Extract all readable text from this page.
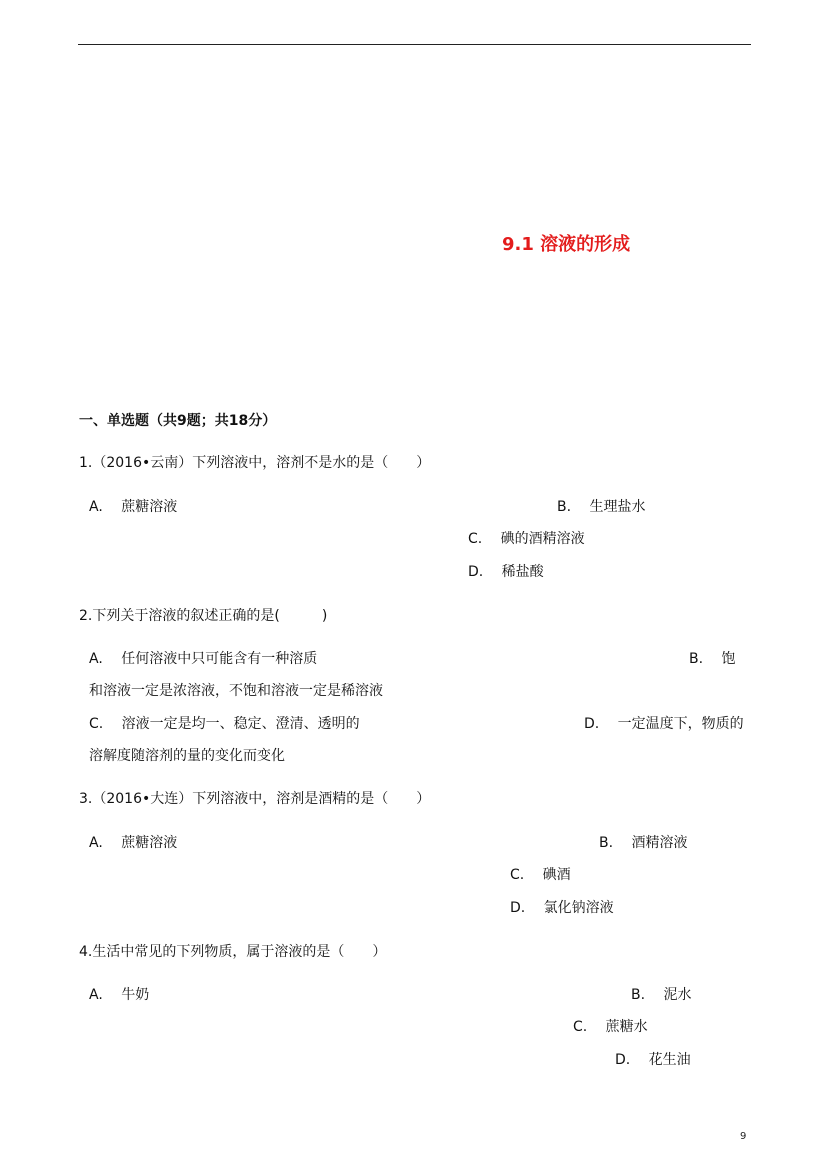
9.1 溶液的形成
一、单选题（共9题；共18分）
1.（2016•云南）下列溶液中，溶剂不是水的是（　　）
A.　 蔗糖溶液	B.　 生理盐水
C.　 碘的酒精溶液
D.　 稀盐酸
2.下列关于溶液的叙述正确的是(　　　)
A.　 任何溶液中只可能含有一种溶质	B.　 饱
和溶液一定是浓溶液，不饱和溶液一定是稀溶液
C.　 溶液一定是均一、稳定、澄清、透明的	D.　 一定温度下，物质的
溶解度随溶剂的量的变化而变化
3.（2016•大连）下列溶液中，溶剂是酒精的是（　　）
A.　 蔗糖溶液	B.　 酒精溶液
C.　 碘酒
D.　 氯化钠溶液
4.生活中常见的下列物质，属于溶液的是（　　）
A.　 牛奶	B.　 泥水
C.　 蔗糖水
D.　 花生油
9
